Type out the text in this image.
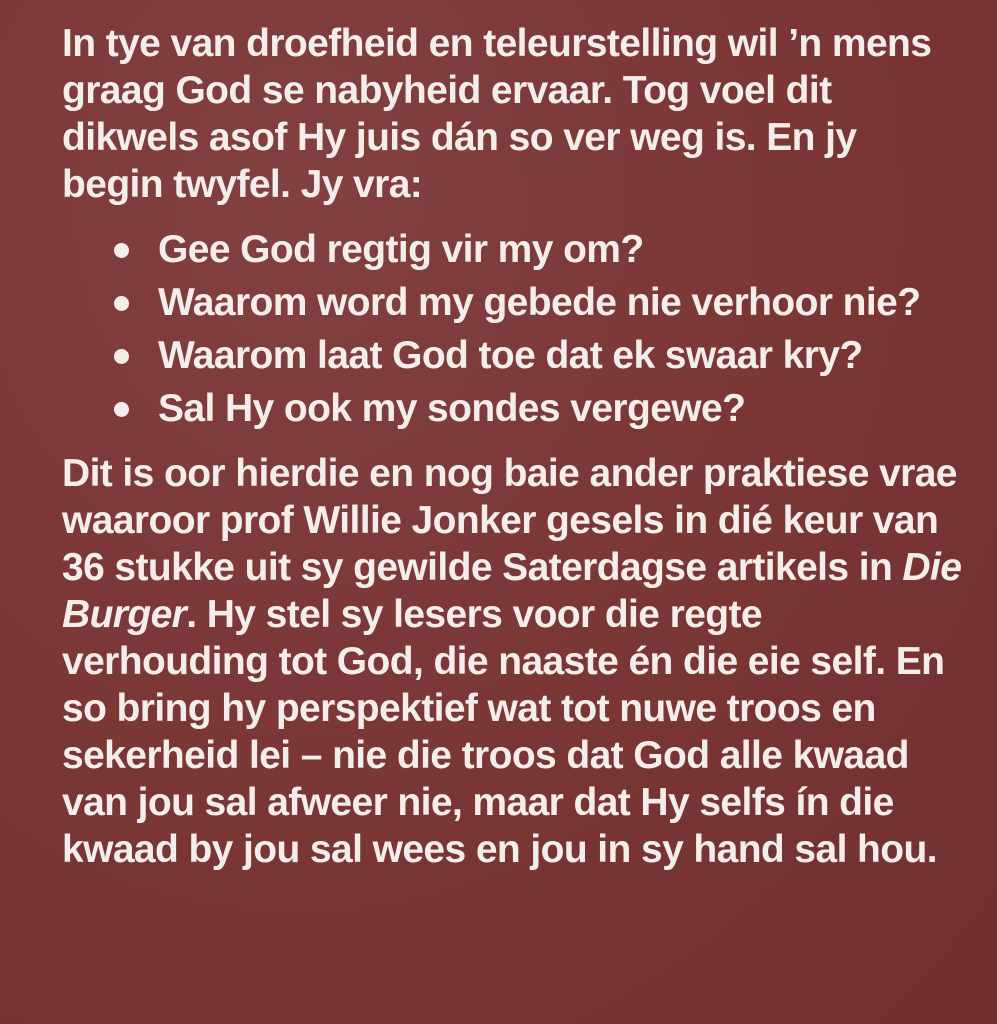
In tye van droefheid en teleurstelling wil ’n mens graag God se nabyheid ervaar. Tog voel dit dikwels asof Hy juis dán so ver weg is. En jy begin twyfel. Jy vra:

Gee God regtig vir my om?
Waarom word my gebede nie verhoor nie?
Waarom laat God toe dat ek swaar kry?
Sal Hy ook my sondes vergewe?

Dit is oor hierdie en nog baie ander praktiese vrae waaroor prof Willie Jonker gesels in dié keur van 36 stukke uit sy gewilde Saterdagse artikels in Die Burger. Hy stel sy lesers voor die regte verhouding tot God, die naaste én die eie self. En so bring hy perspektief wat tot nuwe troos en sekerheid lei – nie die troos dat God alle kwaad van jou sal afweer nie, maar dat Hy selfs ín die kwaad by jou sal wees en jou in sy hand sal hou.
